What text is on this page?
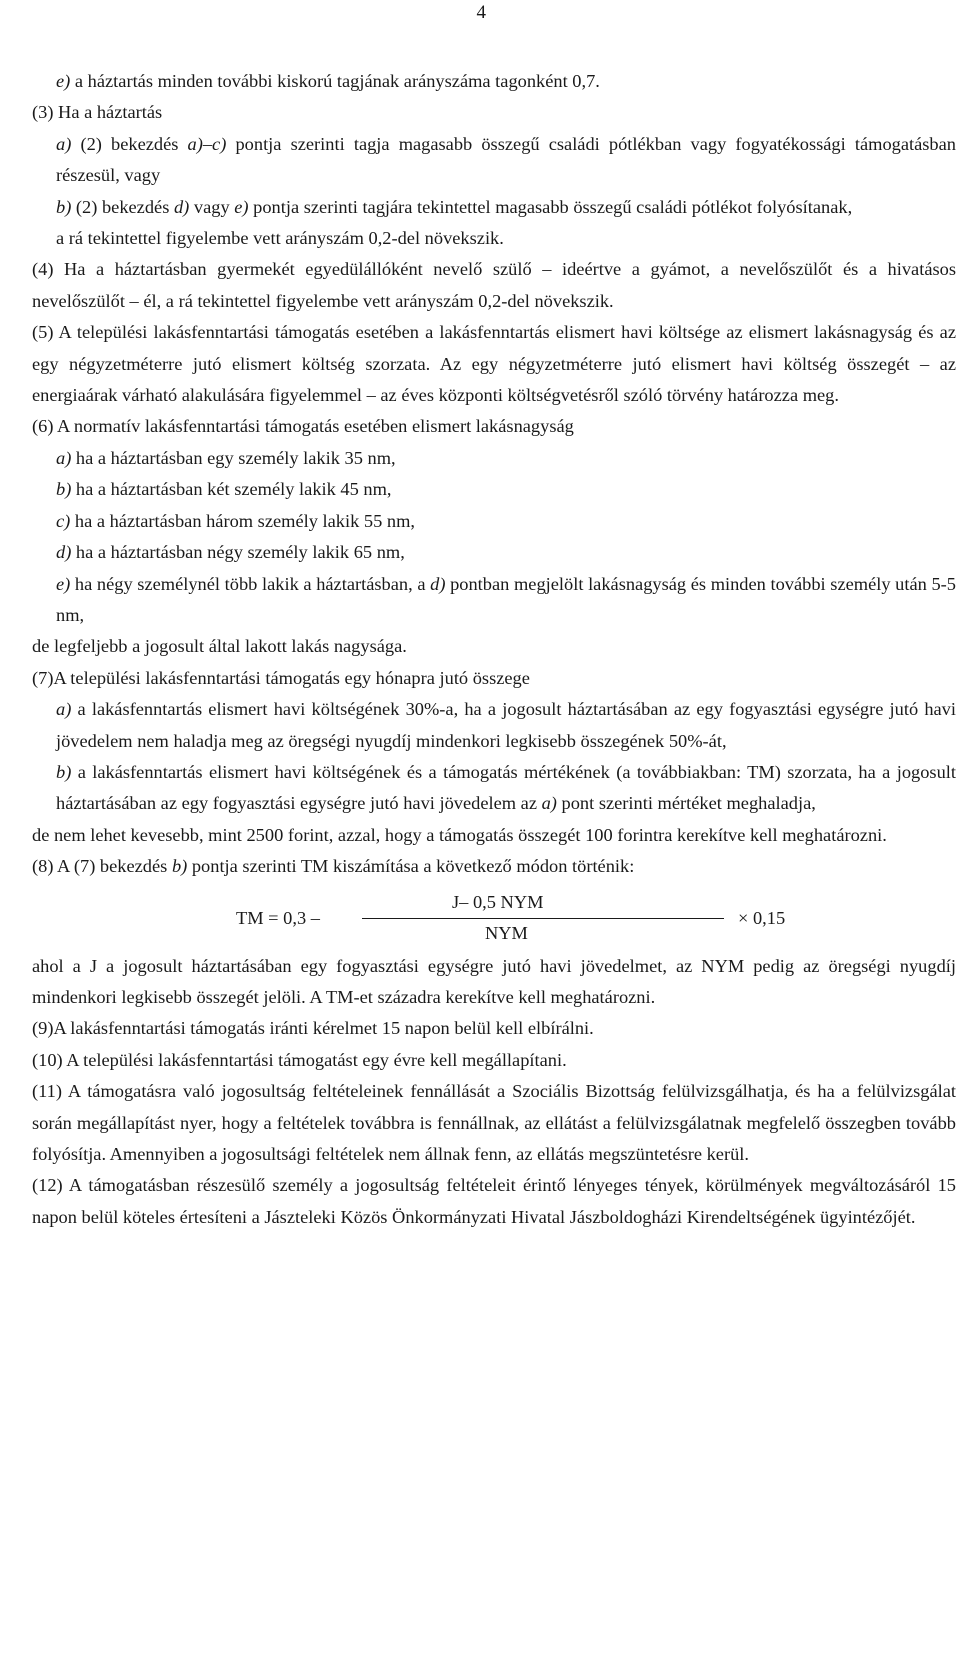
4

e) a háztartás minden további kiskorú tagjának arányszáma tagonként 0,7.

(3) Ha a háztartás

a) (2) bekezdés a)–c) pontja szerinti tagja magasabb összegű családi pótlékban vagy fogyatékossági támogatásban részesül, vagy

b) (2) bekezdés d) vagy e) pontja szerinti tagjára tekintettel magasabb összegű családi pótlékot folyósítanak,

a rá tekintettel figyelembe vett arányszám 0,2-del növekszik.

(4) Ha a háztartásban gyermekét egyedülállóként nevelő szülő – ideértve a gyámot, a nevelőszülőt és a hivatásos nevelőszülőt – él, a rá tekintettel figyelembe vett arányszám 0,2-del növekszik.

(5) A települési lakásfenntartási támogatás esetében a lakásfenntartás elismert havi költsége az elismert lakásnagyság és az egy négyzetméterre jutó elismert költség szorzata. Az egy négyzetméterre jutó elismert havi költség összegét – az energiaárak várható alakulására figyelemmel – az éves központi költségvetésről szóló törvény határozza meg.

(6) A normatív lakásfenntartási támogatás esetében elismert lakásnagyság

a) ha a háztartásban egy személy lakik 35 nm,

b) ha a háztartásban két személy lakik 45 nm,

c) ha a háztartásban három személy lakik 55 nm,

d) ha a háztartásban négy személy lakik 65 nm,

e) ha négy személynél több lakik a háztartásban, a d) pontban megjelölt lakásnagyság és minden további személy után 5-5 nm,

de legfeljebb a jogosult által lakott lakás nagysága.

(7)A települési lakásfenntartási támogatás egy hónapra jutó összege

a) a lakásfenntartás elismert havi költségének 30%-a, ha a jogosult háztartásában az egy fogyasztási egységre jutó havi jövedelem nem haladja meg az öregségi nyugdíj mindenkori legkisebb összegének 50%-át,

b) a lakásfenntartás elismert havi költségének és a támogatás mértékének (a továbbiakban: TM) szorzata, ha a jogosult háztartásában az egy fogyasztási egységre jutó havi jövedelem az a) pont szerinti mértéket meghaladja,

de nem lehet kevesebb, mint 2500 forint, azzal, hogy a támogatás összegét 100 forintra kerekítve kell meghatározni.

(8) A (7) bekezdés b) pontja szerinti TM kiszámítása a következő módon történik:

TM = 0,3 –
J– 0,5 NYM
NYM
× 0,15

ahol a J a jogosult háztartásában egy fogyasztási egységre jutó havi jövedelmet, az NYM pedig az öregségi nyugdíj mindenkori legkisebb összegét jelöli. A TM-et századra kerekítve kell meghatározni.

(9)A lakásfenntartási támogatás iránti kérelmet 15 napon belül kell elbírálni.

(10) A települési lakásfenntartási támogatást egy évre kell megállapítani.

(11) A támogatásra való jogosultság feltételeinek fennállását a Szociális Bizottság felülvizsgálhatja, és ha a felülvizsgálat során megállapítást nyer, hogy a feltételek továbbra is fennállnak, az ellátást a felülvizsgálatnak megfelelő összegben tovább folyósítja. Amennyiben a jogosultsági feltételek nem állnak fenn, az ellátás megszüntetésre kerül.

(12) A támogatásban részesülő személy a jogosultság feltételeit érintő lényeges tények, körülmények megváltozásáról 15 napon belül köteles értesíteni a Jászteleki Közös Önkormányzati Hivatal Jászboldogházi Kirendeltségének ügyintézőjét.
